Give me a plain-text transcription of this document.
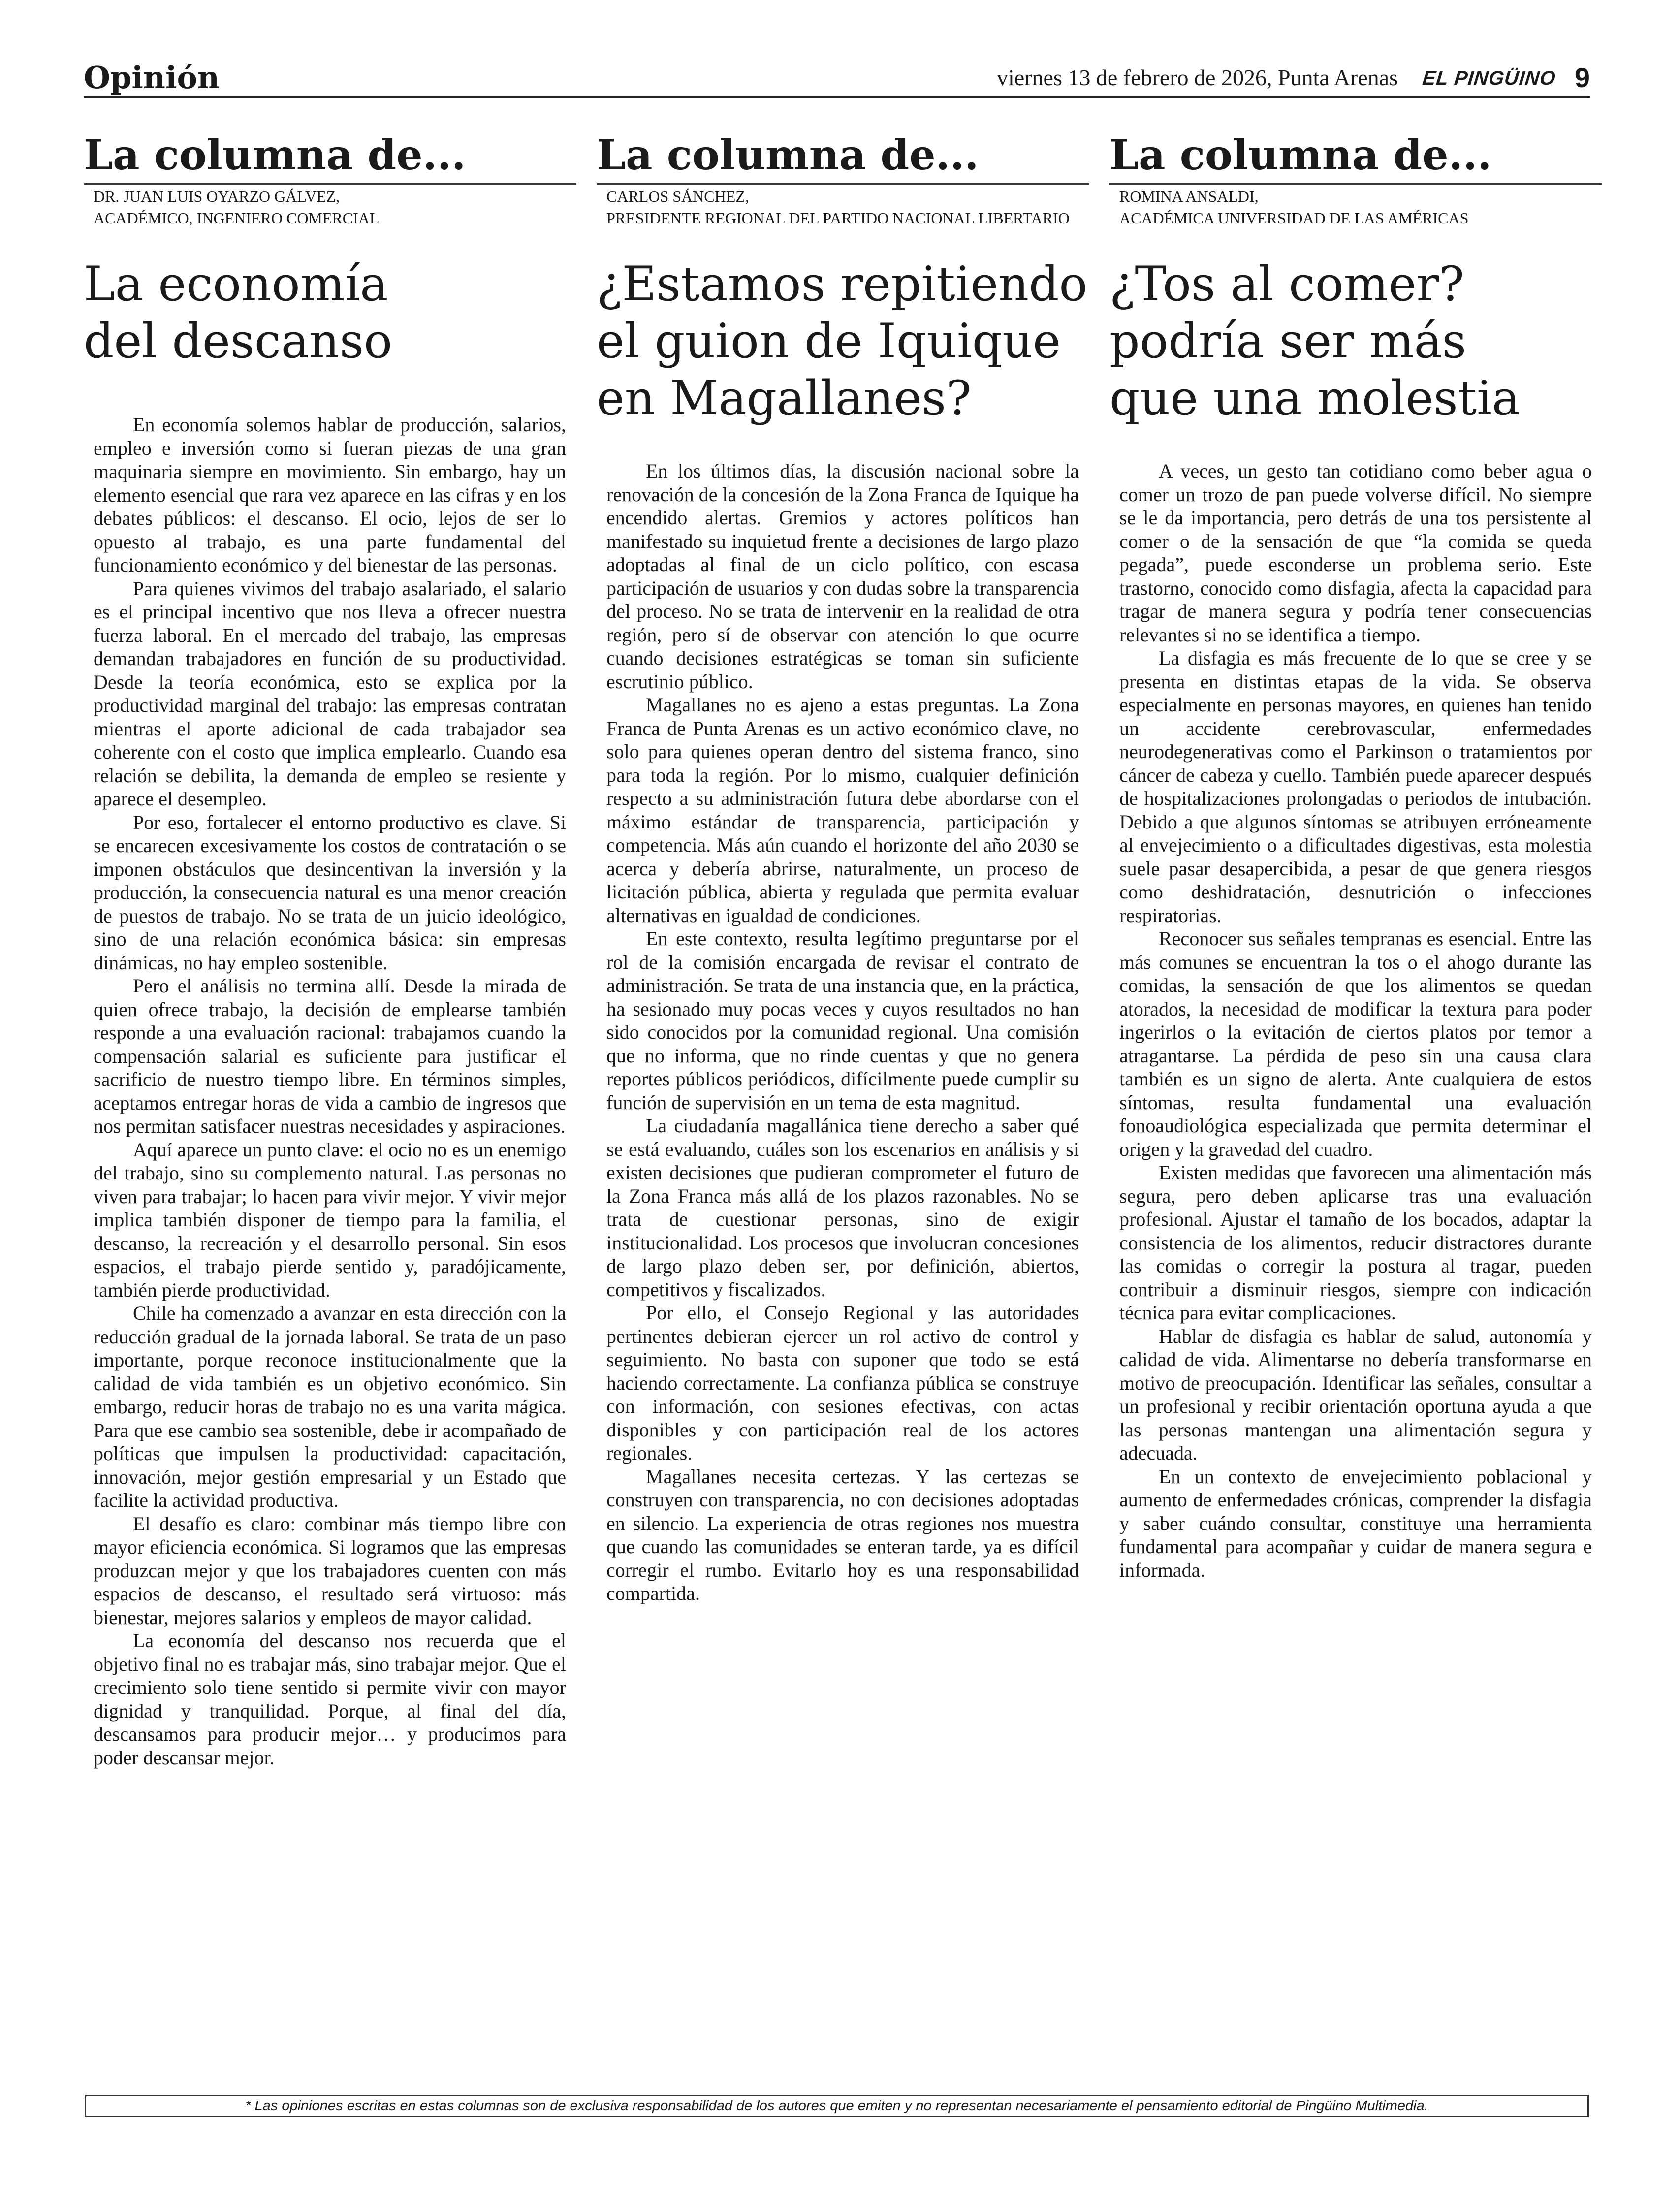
Opinión	viernes 13 de febrero de 2026, Punta Arenas EL PINGÜINO 9
La columna de...
DR. JUAN LUIS OYARZO GÁLVEZ,
ACADÉMICO, INGENIERO COMERCIAL
La economía
del descanso

En economía solemos hablar de producción, salarios, empleo e inversión como si fueran piezas de una gran maquinaria siempre en movimiento. Sin embargo, hay un elemento esencial que rara vez aparece en las cifras y en los debates públicos: el descanso. El ocio, lejos de ser lo opuesto al trabajo, es una parte fundamental del funcionamiento económico y del bienestar de las personas.

Para quienes vivimos del trabajo asalariado, el salario es el principal incentivo que nos lleva a ofrecer nuestra fuerza laboral. En el mercado del trabajo, las empresas demandan trabajadores en función de su productividad. Desde la teoría económica, esto se explica por la productividad marginal del trabajo: las empresas contratan mientras el aporte adicional de cada trabajador sea coherente con el costo que implica emplearlo. Cuando esa relación se debilita, la demanda de empleo se resiente y aparece el desempleo.

Por eso, fortalecer el entorno productivo es clave. Si se encarecen excesivamente los costos de contratación o se imponen obstáculos que desincentivan la inversión y la producción, la consecuencia natural es una menor creación de puestos de trabajo. No se trata de un juicio ideológico, sino de una relación económica básica: sin empresas dinámicas, no hay empleo sostenible.

Pero el análisis no termina allí. Desde la mirada de quien ofrece trabajo, la decisión de emplearse también responde a una evaluación racional: trabajamos cuando la compensación salarial es suficiente para justificar el sacrificio de nuestro tiempo libre. En términos simples, aceptamos entregar horas de vida a cambio de ingresos que nos permitan satisfacer nuestras necesidades y aspiraciones.

Aquí aparece un punto clave: el ocio no es un enemigo del trabajo, sino su complemento natural. Las personas no viven para trabajar; lo hacen para vivir mejor. Y vivir mejor implica también disponer de tiempo para la familia, el descanso, la recreación y el desarrollo personal. Sin esos espacios, el trabajo pierde sentido y, paradójicamente, también pierde productividad.

Chile ha comenzado a avanzar en esta dirección con la reducción gradual de la jornada laboral. Se trata de un paso importante, porque reconoce institucionalmente que la calidad de vida también es un objetivo económico. Sin embargo, reducir horas de trabajo no es una varita mágica. Para que ese cambio sea sostenible, debe ir acompañado de políticas que impulsen la productividad: capacitación, innovación, mejor gestión empresarial y un Estado que facilite la actividad productiva.

El desafío es claro: combinar más tiempo libre con mayor eficiencia económica. Si logramos que las empresas produzcan mejor y que los trabajadores cuenten con más espacios de descanso, el resultado será virtuoso: más bienestar, mejores salarios y empleos de mayor calidad.

La economía del descanso nos recuerda que el objetivo final no es trabajar más, sino trabajar mejor. Que el crecimiento solo tiene sentido si permite vivir con mayor dignidad y tranquilidad. Porque, al final del día, descansamos para producir mejor… y producimos para poder descansar mejor.

La columna de...
CARLOS SÁNCHEZ,
PRESIDENTE REGIONAL DEL PARTIDO NACIONAL LIBERTARIO
¿Estamos repitiendo
el guion de Iquique
en Magallanes?

En los últimos días, la discusión nacional sobre la renovación de la concesión de la Zona Franca de Iquique ha encendido alertas. Gremios y actores políticos han manifestado su inquietud frente a decisiones de largo plazo adoptadas al final de un ciclo político, con escasa participación de usuarios y con dudas sobre la transparencia del proceso. No se trata de intervenir en la realidad de otra región, pero sí de observar con atención lo que ocurre cuando decisiones estratégicas se toman sin suficiente escrutinio público.

Magallanes no es ajeno a estas preguntas. La Zona Franca de Punta Arenas es un activo económico clave, no solo para quienes operan dentro del sistema franco, sino para toda la región. Por lo mismo, cualquier definición respecto a su administración futura debe abordarse con el máximo estándar de transparencia, participación y competencia. Más aún cuando el horizonte del año 2030 se acerca y debería abrirse, naturalmente, un proceso de licitación pública, abierta y regulada que permita evaluar alternativas en igualdad de condiciones.

En este contexto, resulta legítimo preguntarse por el rol de la comisión encargada de revisar el contrato de administración. Se trata de una instancia que, en la práctica, ha sesionado muy pocas veces y cuyos resultados no han sido conocidos por la comunidad regional. Una comisión que no informa, que no rinde cuentas y que no genera reportes públicos periódicos, difícilmente puede cumplir su función de supervisión en un tema de esta magnitud.

La ciudadanía magallánica tiene derecho a saber qué se está evaluando, cuáles son los escenarios en análisis y si existen decisiones que pudieran comprometer el futuro de la Zona Franca más allá de los plazos razonables. No se trata de cuestionar personas, sino de exigir institucionalidad. Los procesos que involucran concesiones de largo plazo deben ser, por definición, abiertos, competitivos y fiscalizados.

Por ello, el Consejo Regional y las autoridades pertinentes debieran ejercer un rol activo de control y seguimiento. No basta con suponer que todo se está haciendo correctamente. La confianza pública se construye con información, con sesiones efectivas, con actas disponibles y con participación real de los actores regionales.

Magallanes necesita certezas. Y las certezas se construyen con transparencia, no con decisiones adoptadas en silencio. La experiencia de otras regiones nos muestra que cuando las comunidades se enteran tarde, ya es difícil corregir el rumbo. Evitarlo hoy es una responsabilidad compartida.

La columna de...
ROMINA ANSALDI,
ACADÉMICA UNIVERSIDAD DE LAS AMÉRICAS
¿Tos al comer?
podría ser más
que una molestia

A veces, un gesto tan cotidiano como beber agua o comer un trozo de pan puede volverse difícil. No siempre se le da importancia, pero detrás de una tos persistente al comer o de la sensación de que “la comida se queda pegada”, puede esconderse un problema serio. Este trastorno, conocido como disfagia, afecta la capacidad para tragar de manera segura y podría tener consecuencias relevantes si no se identifica a tiempo.

La disfagia es más frecuente de lo que se cree y se presenta en distintas etapas de la vida. Se observa especialmente en personas mayores, en quienes han tenido un accidente cerebrovascular, enfermedades neurodegenerativas como el Parkinson o tratamientos por cáncer de cabeza y cuello. También puede aparecer después de hospitalizaciones prolongadas o periodos de intubación. Debido a que algunos síntomas se atribuyen erróneamente al envejecimiento o a dificultades digestivas, esta molestia suele pasar desapercibida, a pesar de que genera riesgos como deshidratación, desnutrición o infecciones respiratorias.

Reconocer sus señales tempranas es esencial. Entre las más comunes se encuentran la tos o el ahogo durante las comidas, la sensación de que los alimentos se quedan atorados, la necesidad de modificar la textura para poder ingerirlos o la evitación de ciertos platos por temor a atragantarse. La pérdida de peso sin una causa clara también es un signo de alerta. Ante cualquiera de estos síntomas, resulta fundamental una evaluación fonoaudiológica especializada que permita determinar el origen y la gravedad del cuadro.

Existen medidas que favorecen una alimentación más segura, pero deben aplicarse tras una evaluación profesional. Ajustar el tamaño de los bocados, adaptar la consistencia de los alimentos, reducir distractores durante las comidas o corregir la postura al tragar, pueden contribuir a disminuir riesgos, siempre con indicación técnica para evitar complicaciones.

Hablar de disfagia es hablar de salud, autonomía y calidad de vida. Alimentarse no debería transformarse en motivo de preocupación. Identificar las señales, consultar a un profesional y recibir orientación oportuna ayuda a que las personas mantengan una alimentación segura y adecuada.

En un contexto de envejecimiento poblacional y aumento de enfermedades crónicas, comprender la disfagia y saber cuándo consultar, constituye una herramienta fundamental para acompañar y cuidar de manera segura e informada.

* Las opiniones escritas en estas columnas son de exclusiva responsabilidad de los autores que emiten y no representan necesariamente el pensamiento editorial de Pingüino Multimedia.
